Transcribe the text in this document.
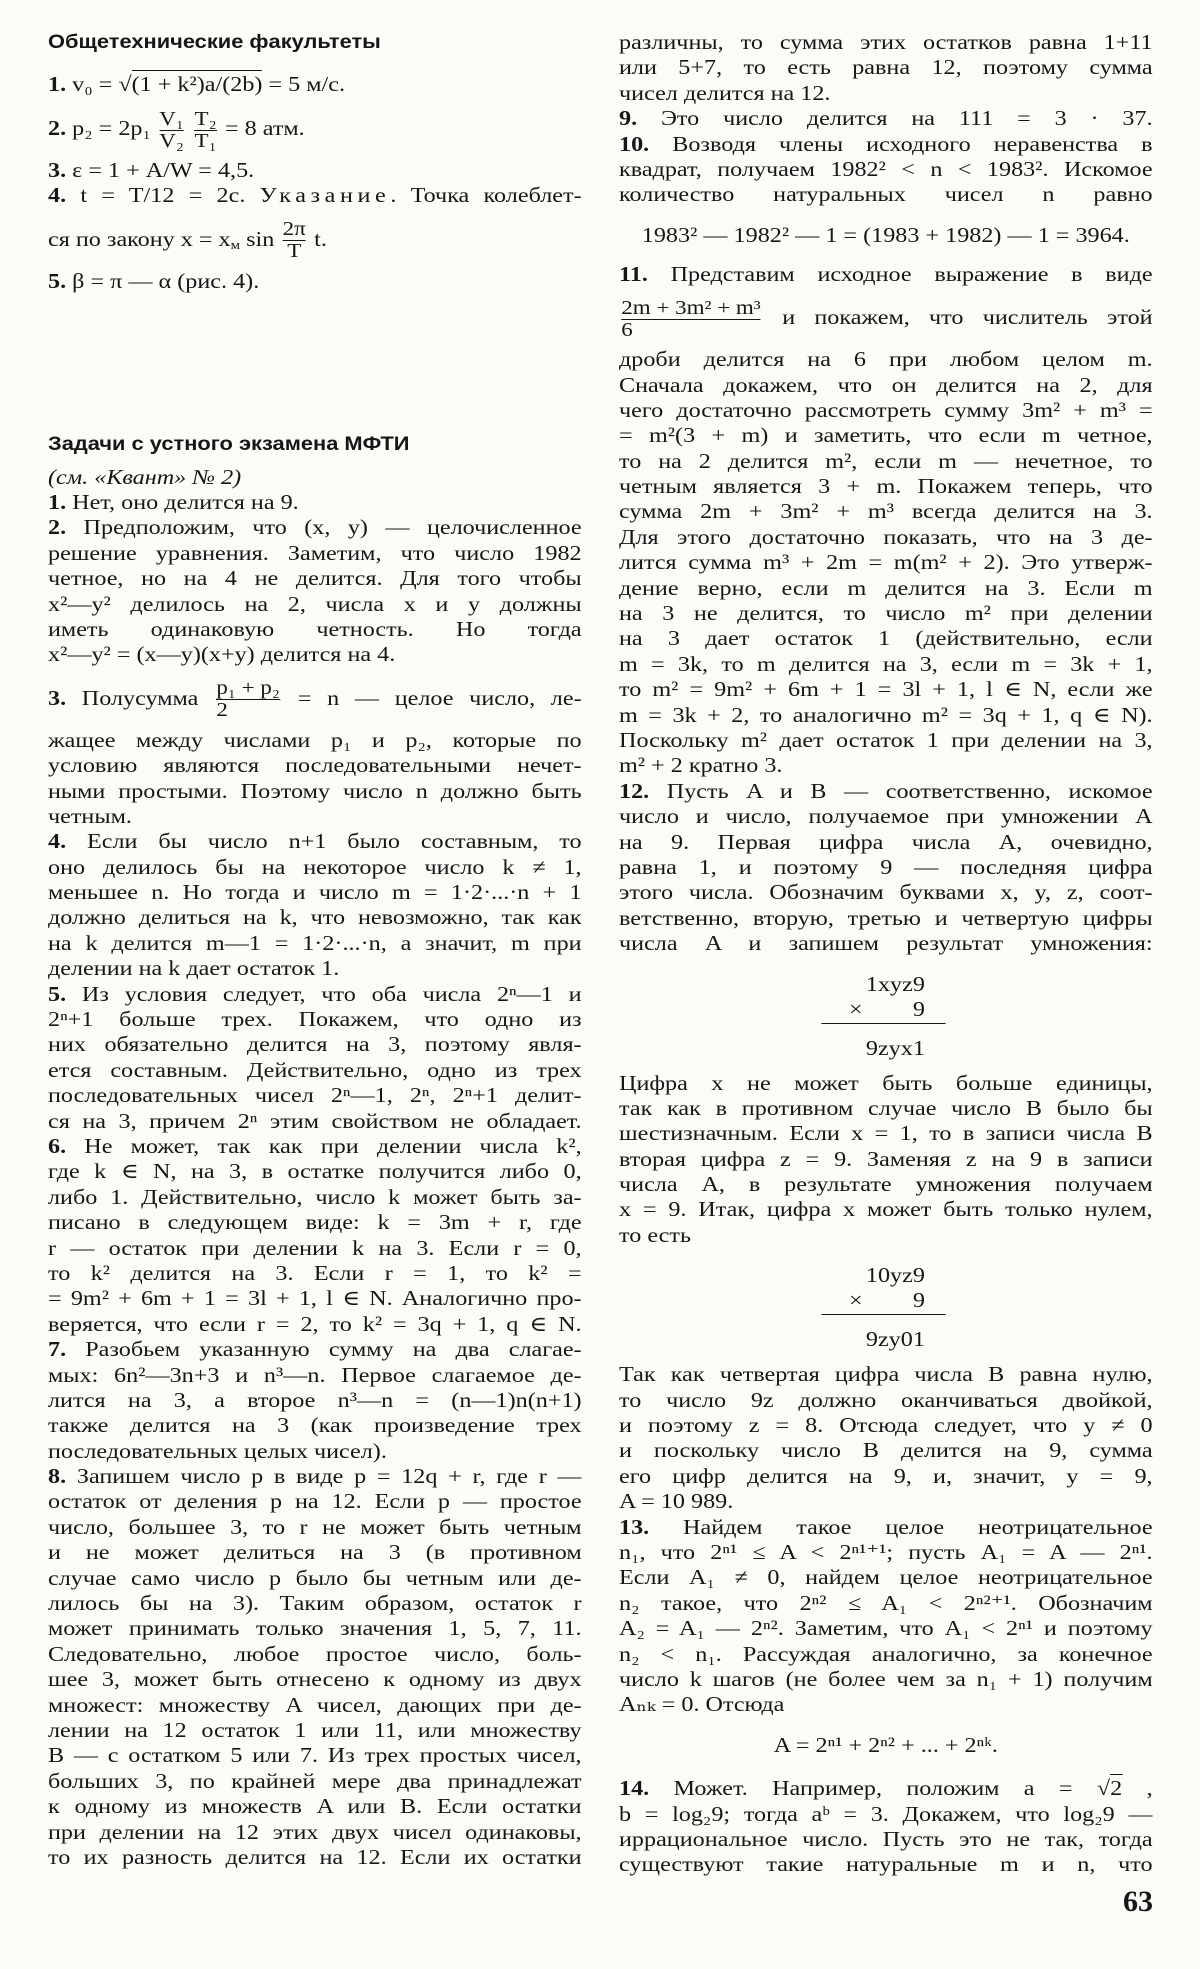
Общетехнические факультеты
1. v₀ = √(1 + k²)a/(2b) = 5 м/с.
2. $p_2 = 2p_1 \frac{\text{V₁}}{\text{V₂}}$
$\frac{\text{T₂}}{\text{T₁}} = 8$ атм.
3. ε = 1 + A/W = 4,5.
4. t = T/12 = 2с. Указание. Точка колеблет-
ся по закону $x = x_м$ $\sin \frac{2\pi}{T} t$.
5. β = π — α (рис. 4).
Задачи с устного экзамена МФТИ
(см. «Квант» № 2)
1. Нет, оно делится на 9.
2. Предположим, что (x, y) — целочисленное
решение уравнения. Заметим, что число 1982
четное, но на 4 не делится. Для того чтобы
x²—y² делилось на 2, числа x и y должны
иметь одинаковую четность. Но тогда
x²—y² = (x—y)(x+y) делится на 4.
3. Полусумма $\frac{\text{p₁ + p₂}}{2} = n$ — целое число, ле-
жащее между числами p₁ и p₂, которые по
условию являются последовательными нечет-
ными простыми. Поэтому число n должно быть
четным.
4. Если бы число n+1 было составным, то
оно делилось бы на некоторое число k ≠ 1,
меньшее n. Но тогда и число m = 1·2·...·n + 1
должно делиться на k, что невозможно, так как
на k делится m—1 = 1·2·...·n, а значит, m при
делении на k дает остаток 1.
5. Из условия следует, что оба числа 2ⁿ—1 и
2ⁿ+1 больше трех. Покажем, что одно из
них обязательно делится на 3, поэтому явля-
ется составным. Действительно, одно из трех
последовательных чисел 2ⁿ—1, 2ⁿ, 2ⁿ+1 делит-
ся на 3, причем 2ⁿ этим свойством не обладает.
6. Не может, так как при делении числа k²,
где k ∈ N, на 3, в остатке получится либо 0,
либо 1. Действительно, число k может быть за-
писано в следующем виде: k = 3m + r, где
r — остаток при делении k на 3. Если r = 0,
то k² делится на 3. Если r = 1, то k² =
= 9m² + 6m + 1 = 3l + 1, l ∈ N. Аналогично про-
веряется, что если r = 2, то k² = 3q + 1, q ∈ N.
7. Разобьем указанную сумму на два слагае-
мых: 6n²—3n+3 и n³—n. Первое слагаемое де-
лится на 3, а второе n³—n = (n—1)n(n+1)
также делится на 3 (как произведение трех
последовательных целых чисел).
8. Запишем число p в виде p = 12q + r, где r —
остаток от деления p на 12. Если p — простое
число, большее 3, то r не может быть четным
и не может делиться на 3 (в противном
случае само число p было бы четным или де-
лилось бы на 3). Таким образом, остаток r
может принимать только значения 1, 5, 7, 11.
Следовательно, любое простое число, боль-
шее 3, может быть отнесено к одному из двух
множест: множеству A чисел, дающих при де-
лении на 12 остаток 1 или 11, или множеству
B — с остатком 5 или 7. Из трех простых чисел,
больших 3, по крайней мере два принадлежат
к одному из множеств A или B. Если остатки
при делении на 12 этих двух чисел одинаковы,
то их разность делится на 12. Если их остатки
различны, то сумма этих остатков равна 1+11
или 5+7, то есть равна 12, поэтому сумма
чисел делится на 12.
9. Это число делится на 111 = 3 · 37.
10. Возводя члены исходного неравенства в
квадрат, получаем 1982² < n < 1983². Искомое
количество натуральных чисел n равно
1983² — 1982² — 1 = (1983 + 1982) — 1 = 3964.
11. Представим исходное выражение в виде
$\frac{\text{2m + 3m² + m³}}{6}$ и покажем, что числитель этой
дроби делится на 6 при любом целом m.
Сначала докажем, что он делится на 2, для
чего достаточно рассмотреть сумму 3m² + m³ =
= m²(3 + m) и заметить, что если m четное,
то на 2 делится m², если m — нечетное, то
четным является 3 + m. Покажем теперь, что
сумма 2m + 3m² + m³ всегда делится на 3.
Для этого достаточно показать, что на 3 де-
лится сумма m³ + 2m = m(m² + 2). Это утверж-
дение верно, если m делится на 3. Если m
на 3 не делится, то число m² при делении
на 3 дает остаток 1 (действительно, если
m = 3k, то m делится на 3, если m = 3k + 1,
то m² = 9m² + 6m + 1 = 3l + 1, l ∈ N, если же
m = 3k + 2, то аналогично m² = 3q + 1, q ∈ N).
Поскольку m² дает остаток 1 при делении на 3,
m² + 2 кратно 3.
12. Пусть A и B — соответственно, искомое
число и число, получаемое при умножении A
на 9. Первая цифра числа A, очевидно,
равна 1, и поэтому 9 — последняя цифра
этого числа. Обозначим буквами x, y, z, соот-
ветственно, вторую, третью и четвертую цифры
числа A и запишем результат умножения:
1xyz9
× 9
9zyx1
Цифра x не может быть больше единицы,
так как в противном случае число B было бы
шестизначным. Если x = 1, то в записи числа B
вторая цифра z = 9. Заменяя z на 9 в записи
числа A, в результате умножения получаем
x = 9. Итак, цифра x может быть только нулем,
то есть
10yz9
× 9
9zy01
Так как четвертая цифра числа B равна нулю,
то число 9z должно оканчиваться двойкой,
и поэтому z = 8. Отсюда следует, что y ≠ 0
и поскольку число B делится на 9, сумма
его цифр делится на 9, и, значит, y = 9,
A = 10 989.
13. Найдем такое целое неотрицательное
n₁, что 2ⁿ¹ ≤ A < 2ⁿ¹⁺¹; пусть A₁ = A — 2ⁿ¹.
Если A₁ ≠ 0, найдем целое неотрицательное
n₂ такое, что 2ⁿ² ≤ A₁ < 2ⁿ²⁺¹. Обозначим
A₂ = A₁ — 2ⁿ². Заметим, что A₁ < 2ⁿ¹ и поэтому
n₂ < n₁. Рассуждая аналогично, за конечное
число k шагов (не более чем за n₁ + 1) получим
Aₙₖ = 0. Отсюда
A = 2ⁿ¹ + 2ⁿ² + ... + 2ⁿᵏ.
14. Может. Например, положим a = √2 ,
b = log₂9; тогда aᵇ = 3. Докажем, что log₂9 —
иррациональное число. Пусть это не так, тогда
существуют такие натуральные m и n, что
63
